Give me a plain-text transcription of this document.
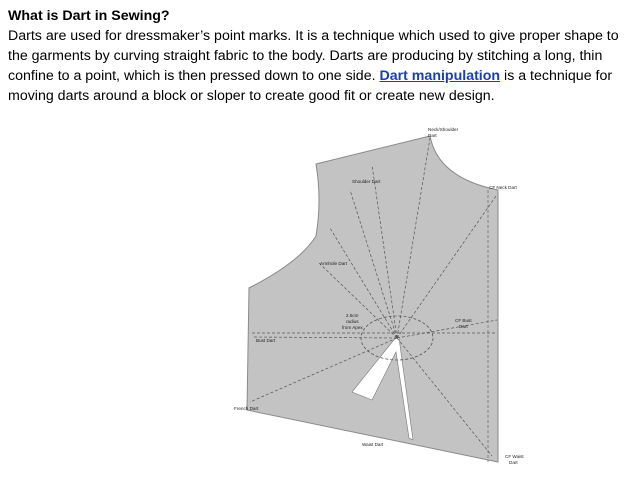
What is Dart in Sewing?

Darts are used for dressmaker’s point marks. It is a technique which used to give proper shape to the garments by curving straight fabric to the body. Darts are producing by stitching a long, thin confine to a point, which is then pressed down to one side. Dart manipulation is a technique for moving darts around a block or sloper to create good fit or create new design.

Neck/Shoulder
Dart
Shoulder Dart
CF Neck Dart
Armhole Dart
2.5cm
radius
from Apex
CF Bust
Dart
Bust Dart
French Dart
Waist Dart
CF Waist
Dart
